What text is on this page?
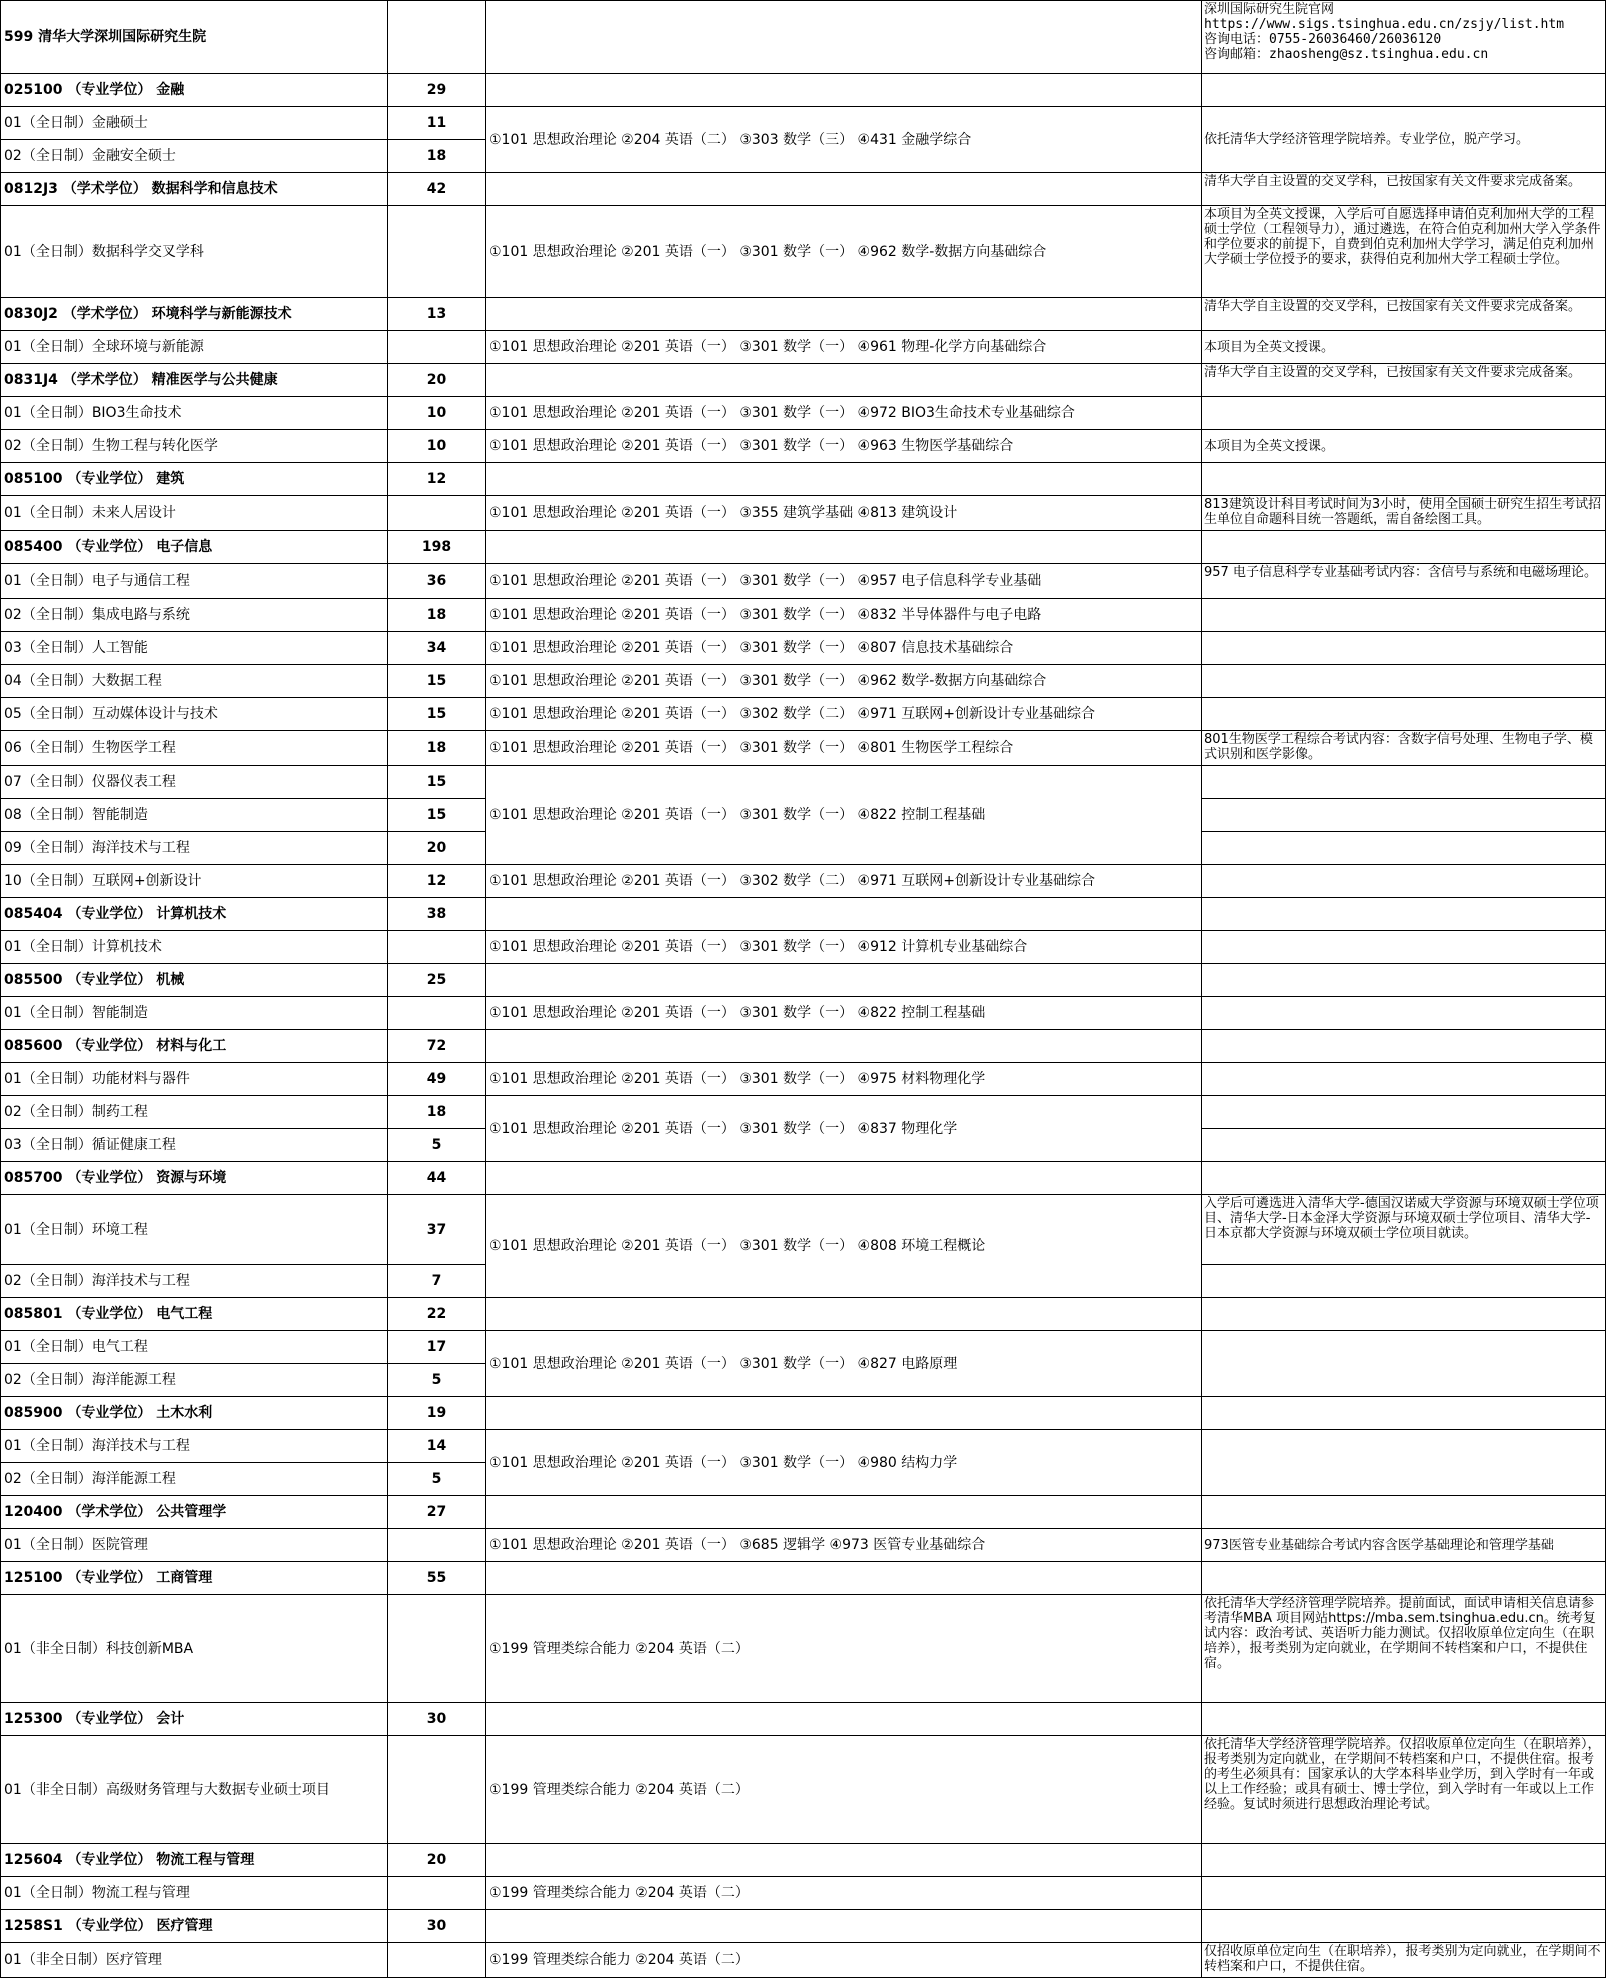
599 清华大学深圳国际研究生院			深圳国际研究生院官网
https://www.sigs.tsinghua.edu.cn/zsjy/list.htm
咨询电话：0755-26036460/26036120
咨询邮箱：zhaosheng@sz.tsinghua.edu.cn

025100 （专业学位） 金融	29		
01（全日制）金融硕士	11	①101 思想政治理论 ②204 英语（二） ③303 数学（三） ④431 金融学综合	依托清华大学经济管理学院培养。专业学位，脱产学习。
02（全日制）金融安全硕士	18		
0812J3 （学术学位） 数据科学和信息技术	42		清华大学自主设置的交叉学科，已按国家有关文件要求完成备案。
01（全日制）数据科学交叉学科		①101 思想政治理论 ②201 英语（一） ③301 数学（一） ④962 数学-数据方向基础综合	本项目为全英文授课，入学后可自愿选择申请伯克利加州大学的工程硕士学位（工程领导力），通过遴选，在符合伯克利加州大学入学条件和学位要求的前提下，自费到伯克利加州大学学习，满足伯克利加州大学硕士学位授予的要求，获得伯克利加州大学工程硕士学位。
0830J2 （学术学位） 环境科学与新能源技术	13		清华大学自主设置的交叉学科，已按国家有关文件要求完成备案。
01（全日制）全球环境与新能源		①101 思想政治理论 ②201 英语（一） ③301 数学（一） ④961 物理-化学方向基础综合	本项目为全英文授课。
0831J4 （学术学位） 精准医学与公共健康	20		清华大学自主设置的交叉学科，已按国家有关文件要求完成备案。
01（全日制）BIO3生命技术	10	①101 思想政治理论 ②201 英语（一） ③301 数学（一） ④972 BIO3生命技术专业基础综合	
02（全日制）生物工程与转化医学	10	①101 思想政治理论 ②201 英语（一） ③301 数学（一） ④963 生物医学基础综合	本项目为全英文授课。
085100 （专业学位） 建筑	12		
01（全日制）未来人居设计		①101 思想政治理论 ②201 英语（一） ③355 建筑学基础 ④813 建筑设计	813建筑设计科目考试时间为3小时，使用全国硕士研究生招生考试招生单位自命题科目统一答题纸，需自备绘图工具。
085400 （专业学位） 电子信息	198		
01（全日制）电子与通信工程	36	①101 思想政治理论 ②201 英语（一） ③301 数学（一） ④957 电子信息科学专业基础	957 电子信息科学专业基础考试内容：含信号与系统和电磁场理论。
02（全日制）集成电路与系统	18	①101 思想政治理论 ②201 英语（一） ③301 数学（一） ④832 半导体器件与电子电路	
03（全日制）人工智能	34	①101 思想政治理论 ②201 英语（一） ③301 数学（一） ④807 信息技术基础综合	
04（全日制）大数据工程	15	①101 思想政治理论 ②201 英语（一） ③301 数学（一） ④962 数学-数据方向基础综合	
05（全日制）互动媒体设计与技术	15	①101 思想政治理论 ②201 英语（一） ③302 数学（二） ④971 互联网+创新设计专业基础综合	
06（全日制）生物医学工程	18	①101 思想政治理论 ②201 英语（一） ③301 数学（一） ④801 生物医学工程综合	801生物医学工程综合考试内容：含数字信号处理、生物电子学、模式识别和医学影像。
07（全日制）仪器仪表工程	15	①101 思想政治理论 ②201 英语（一） ③301 数学（一） ④822 控制工程基础	
08（全日制）智能制造	15		
09（全日制）海洋技术与工程	20		
10（全日制）互联网+创新设计	12	①101 思想政治理论 ②201 英语（一） ③302 数学（二） ④971 互联网+创新设计专业基础综合	
085404 （专业学位） 计算机技术	38		
01（全日制）计算机技术		①101 思想政治理论 ②201 英语（一） ③301 数学（一） ④912 计算机专业基础综合	
085500 （专业学位） 机械	25		
01（全日制）智能制造		①101 思想政治理论 ②201 英语（一） ③301 数学（一） ④822 控制工程基础	
085600 （专业学位） 材料与化工	72		
01（全日制）功能材料与器件	49	①101 思想政治理论 ②201 英语（一） ③301 数学（一） ④975 材料物理化学	
02（全日制）制药工程	18	①101 思想政治理论 ②201 英语（一） ③301 数学（一） ④837 物理化学	
03（全日制）循证健康工程	5		
085700 （专业学位） 资源与环境	44		
01（全日制）环境工程	37	①101 思想政治理论 ②201 英语（一） ③301 数学（一） ④808 环境工程概论	入学后可遴选进入清华大学-德国汉诺威大学资源与环境双硕士学位项目、清华大学-日本金泽大学资源与环境双硕士学位项目、清华大学-日本京都大学资源与环境双硕士学位项目就读。
02（全日制）海洋技术与工程	7		
085801 （专业学位） 电气工程	22		
01（全日制）电气工程	17	①101 思想政治理论 ②201 英语（一） ③301 数学（一） ④827 电路原理	
02（全日制）海洋能源工程	5		
085900 （专业学位） 土木水利	19		
01（全日制）海洋技术与工程	14	①101 思想政治理论 ②201 英语（一） ③301 数学（一） ④980 结构力学	
02（全日制）海洋能源工程	5		
120400 （学术学位） 公共管理学	27		
01（全日制）医院管理		①101 思想政治理论 ②201 英语（一） ③685 逻辑学 ④973 医管专业基础综合	973医管专业基础综合考试内容含医学基础理论和管理学基础
125100 （专业学位） 工商管理	55		
01（非全日制）科技创新MBA		①199 管理类综合能力 ②204 英语（二）	依托清华大学经济管理学院培养。提前面试，面试申请相关信息请参考清华MBA 项目网站https://mba.sem.tsinghua.edu.cn。统考复试内容：政治考试、英语听力能力测试。仅招收原单位定向生（在职培养），报考类别为定向就业，在学期间不转档案和户口，不提供住宿。
125300 （专业学位） 会计	30		
01（非全日制）高级财务管理与大数据专业硕士项目		①199 管理类综合能力 ②204 英语（二）	依托清华大学经济管理学院培养。仅招收原单位定向生（在职培养），报考类别为定向就业，在学期间不转档案和户口，不提供住宿。报考的考生必须具有：国家承认的大学本科毕业学历，到入学时有一年或以上工作经验；或具有硕士、博士学位，到入学时有一年或以上工作经验。复试时须进行思想政治理论考试。
125604 （专业学位） 物流工程与管理	20		
01（全日制）物流工程与管理		①199 管理类综合能力 ②204 英语（二）	
1258S1 （专业学位） 医疗管理	30		
01（非全日制）医疗管理		①199 管理类综合能力 ②204 英语（二）	仅招收原单位定向生（在职培养），报考类别为定向就业，在学期间不转档案和户口，不提供住宿。
